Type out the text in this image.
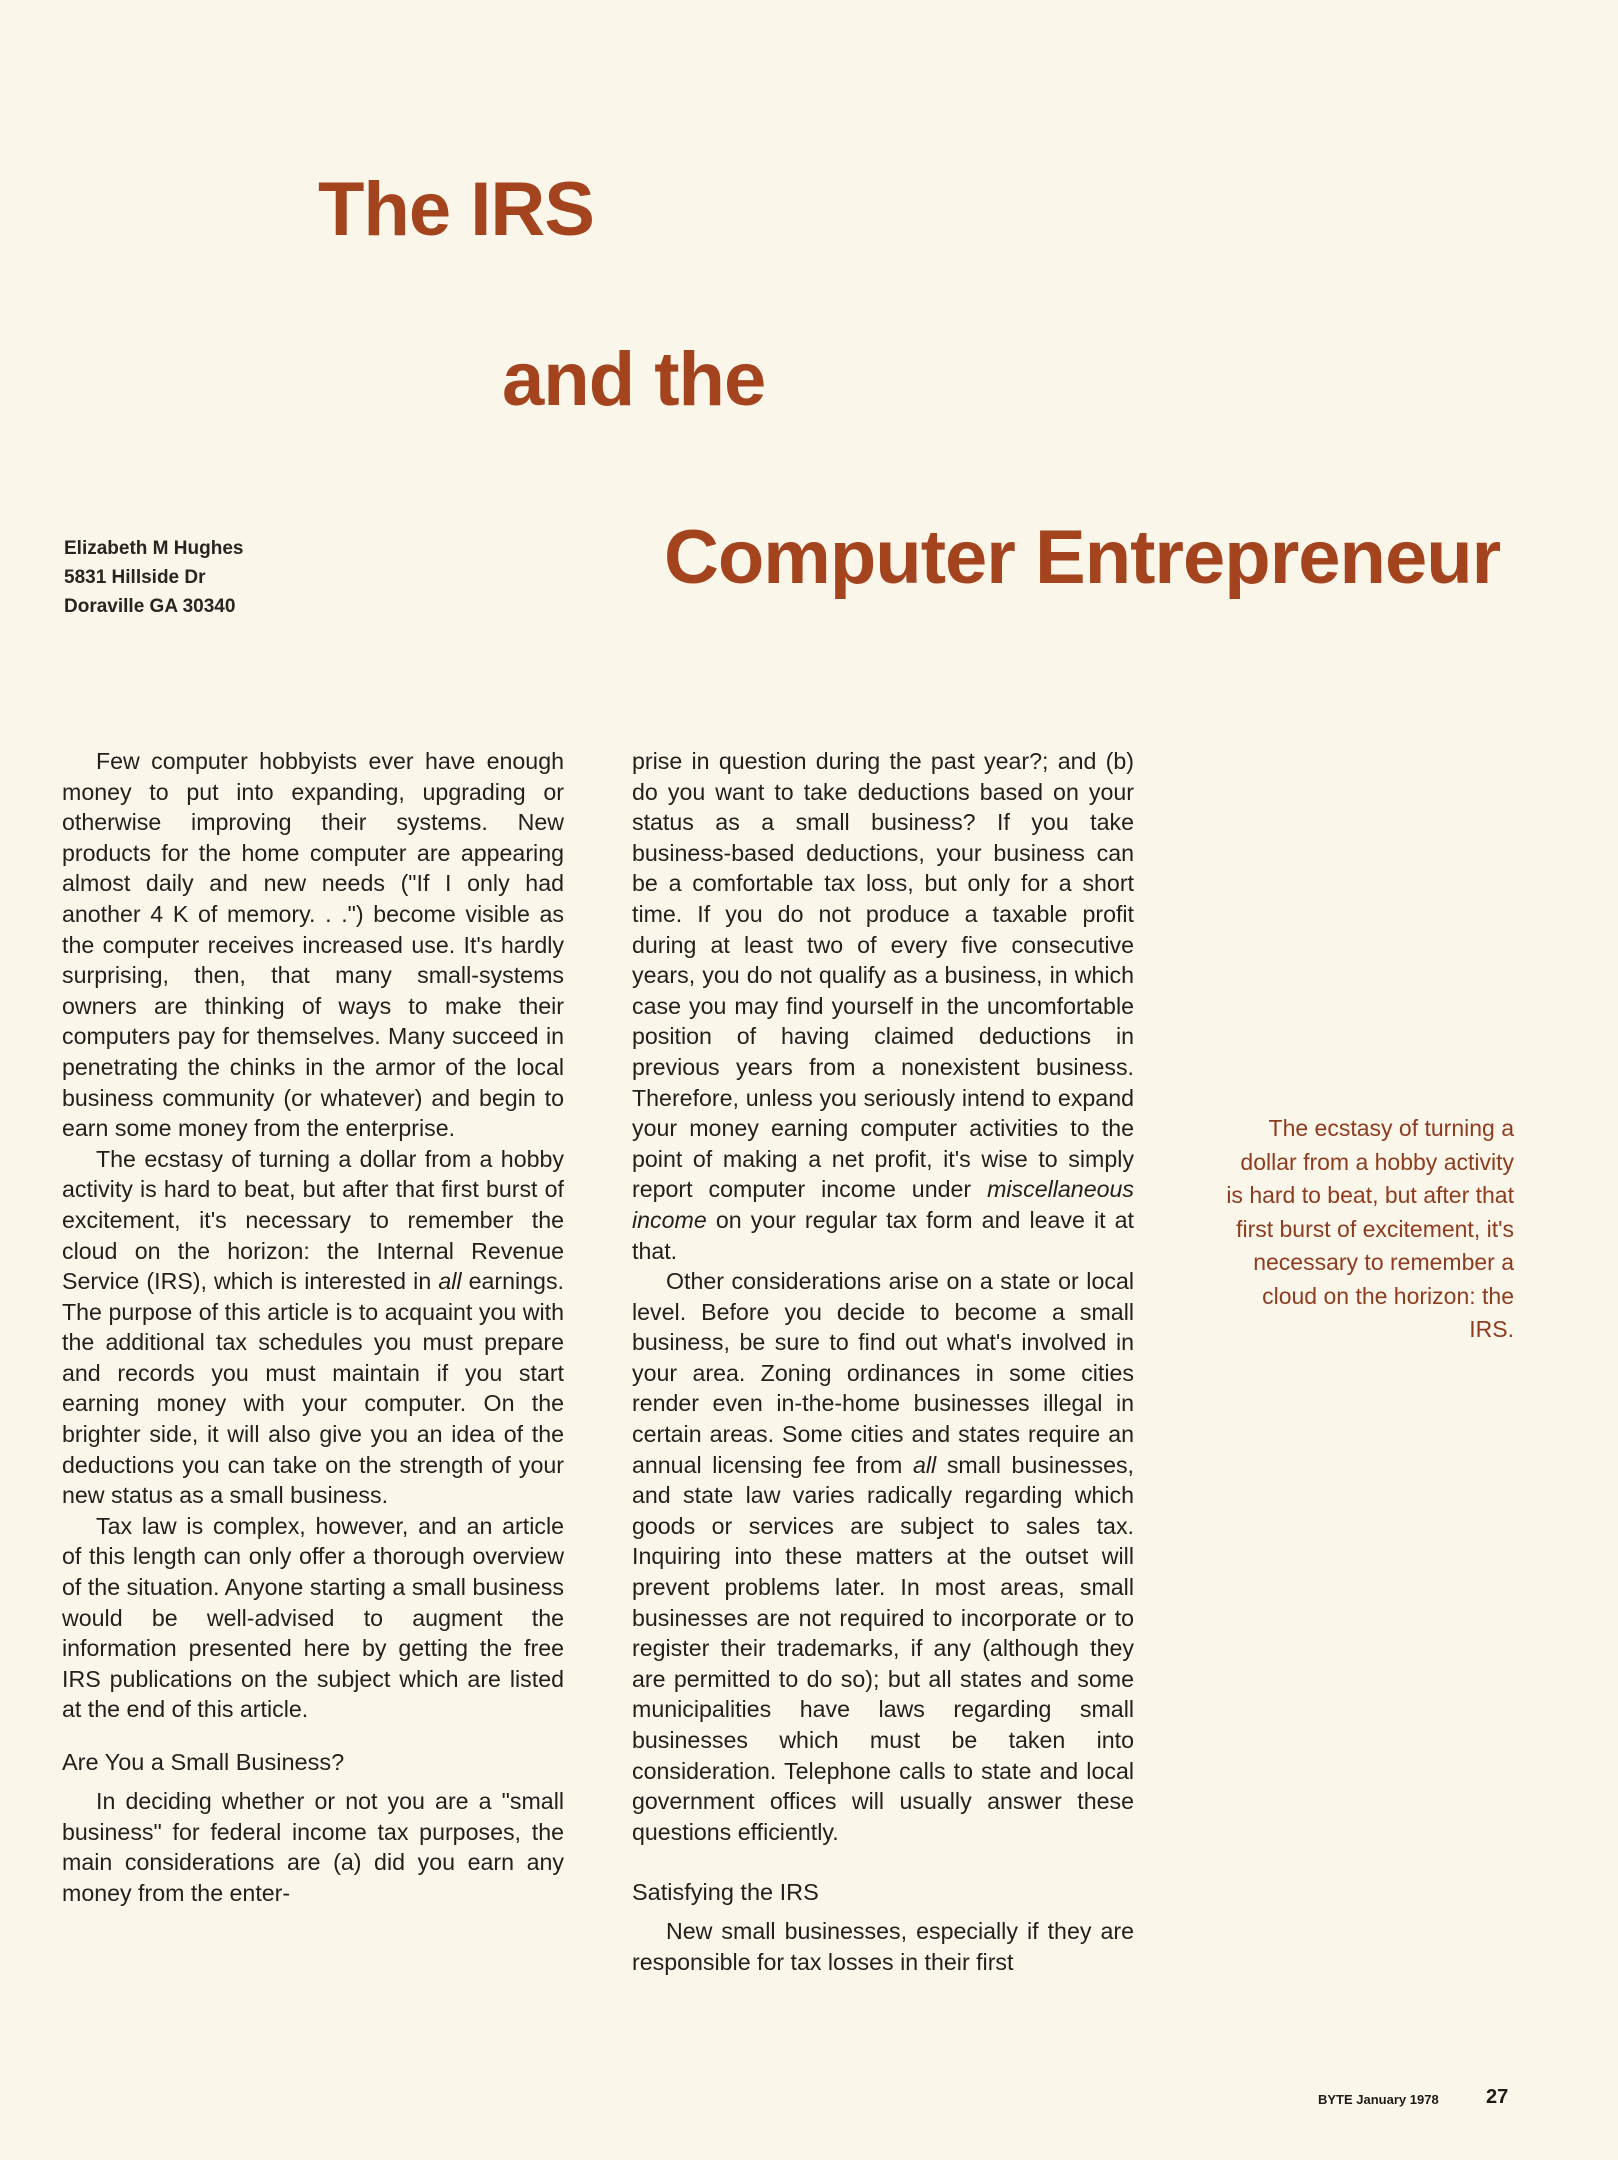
The IRS
and the
Computer Entrepreneur
Elizabeth M Hughes
5831 Hillside Dr
Doraville GA 30340

Few computer hobbyists ever have enough money to put into expanding, upgrading or otherwise improving their systems. New products for the home computer are appearing almost daily and new needs ("If I only had another 4 K of memory. . .") become visible as the computer receives increased use. It's hardly surprising, then, that many small-systems owners are thinking of ways to make their computers pay for themselves. Many succeed in penetrating the chinks in the armor of the local business community (or whatever) and begin to earn some money from the enterprise.

The ecstasy of turning a dollar from a hobby activity is hard to beat, but after that first burst of excitement, it's necessary to remember the cloud on the horizon: the Internal Revenue Service (IRS), which is interested in all earnings. The purpose of this article is to acquaint you with the additional tax schedules you must prepare and records you must maintain if you start earning money with your computer. On the brighter side, it will also give you an idea of the deductions you can take on the strength of your new status as a small business.

Tax law is complex, however, and an article of this length can only offer a thorough overview of the situation. Anyone starting a small business would be well-advised to augment the information presented here by getting the free IRS publications on the subject which are listed at the end of this article.

Are You a Small Business?

In deciding whether or not you are a "small business" for federal income tax purposes, the main considerations are (a) did you earn any money from the enter-

prise in question during the past year?; and (b) do you want to take deductions based on your status as a small business? If you take business-based deductions, your business can be a comfortable tax loss, but only for a short time. If you do not produce a taxable profit during at least two of every five consecutive years, you do not qualify as a business, in which case you may find yourself in the uncomfortable position of having claimed deductions in previous years from a nonexistent business. Therefore, unless you seriously intend to expand your money earning computer activities to the point of making a net profit, it's wise to simply report computer income under miscellaneous income on your regular tax form and leave it at that.

Other considerations arise on a state or local level. Before you decide to become a small business, be sure to find out what's involved in your area. Zoning ordinances in some cities render even in-the-home businesses illegal in certain areas. Some cities and states require an annual licensing fee from all small businesses, and state law varies radically regarding which goods or services are subject to sales tax. Inquiring into these matters at the outset will prevent problems later. In most areas, small businesses are not required to incorporate or to register their trademarks, if any (although they are permitted to do so); but all states and some municipalities have laws regarding small businesses which must be taken into consideration. Telephone calls to state and local government offices will usually answer these questions efficiently.

Satisfying the IRS

New small businesses, especially if they are responsible for tax losses in their first

The ecstasy of turning a dollar from a hobby activity is hard to beat, but after that first burst of excitement, it's necessary to remember a cloud on the horizon: the IRS.
BYTE January 1978 27
